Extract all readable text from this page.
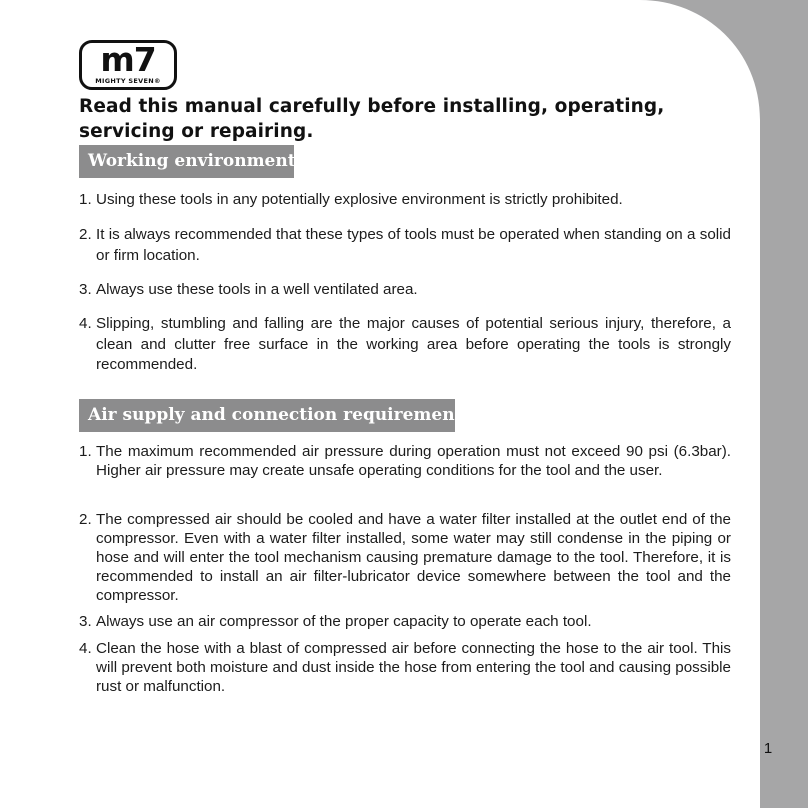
m7
MIGHTY SEVEN®
Read this manual carefully before installing, operating, servicing or repairing.
Working environment:
1. Using these tools in any potentially explosive environment is strictly prohibited.
2. It is always recommended that these types of tools must be operated when standing on a solid or firm location.
3. Always use these tools in a well ventilated area.
4. Slipping, stumbling and falling are the major causes of potential serious injury, therefore, a clean and clutter free surface in the working area before operating the tools is strongly recommended.
Air supply and connection requirements:
1. The maximum recommended air pressure during operation must not exceed 90 psi (6.3bar). Higher air pressure may create unsafe operating conditions for the tool and the user.
2. The compressed air should be cooled and have a water filter installed at the outlet end of the compressor. Even with a water filter installed, some water may still condense in the piping or hose and will enter the tool mechanism causing premature damage to the tool. Therefore, it is recommended to install an air filter-lubricator device somewhere between the tool and the compressor.
3. Always use an air compressor of the proper capacity to operate each tool.
4. Clean the hose with a blast of compressed air before connecting the hose to the air tool. This will prevent both moisture and dust inside the hose from entering the tool and causing possible rust or malfunction.
1
